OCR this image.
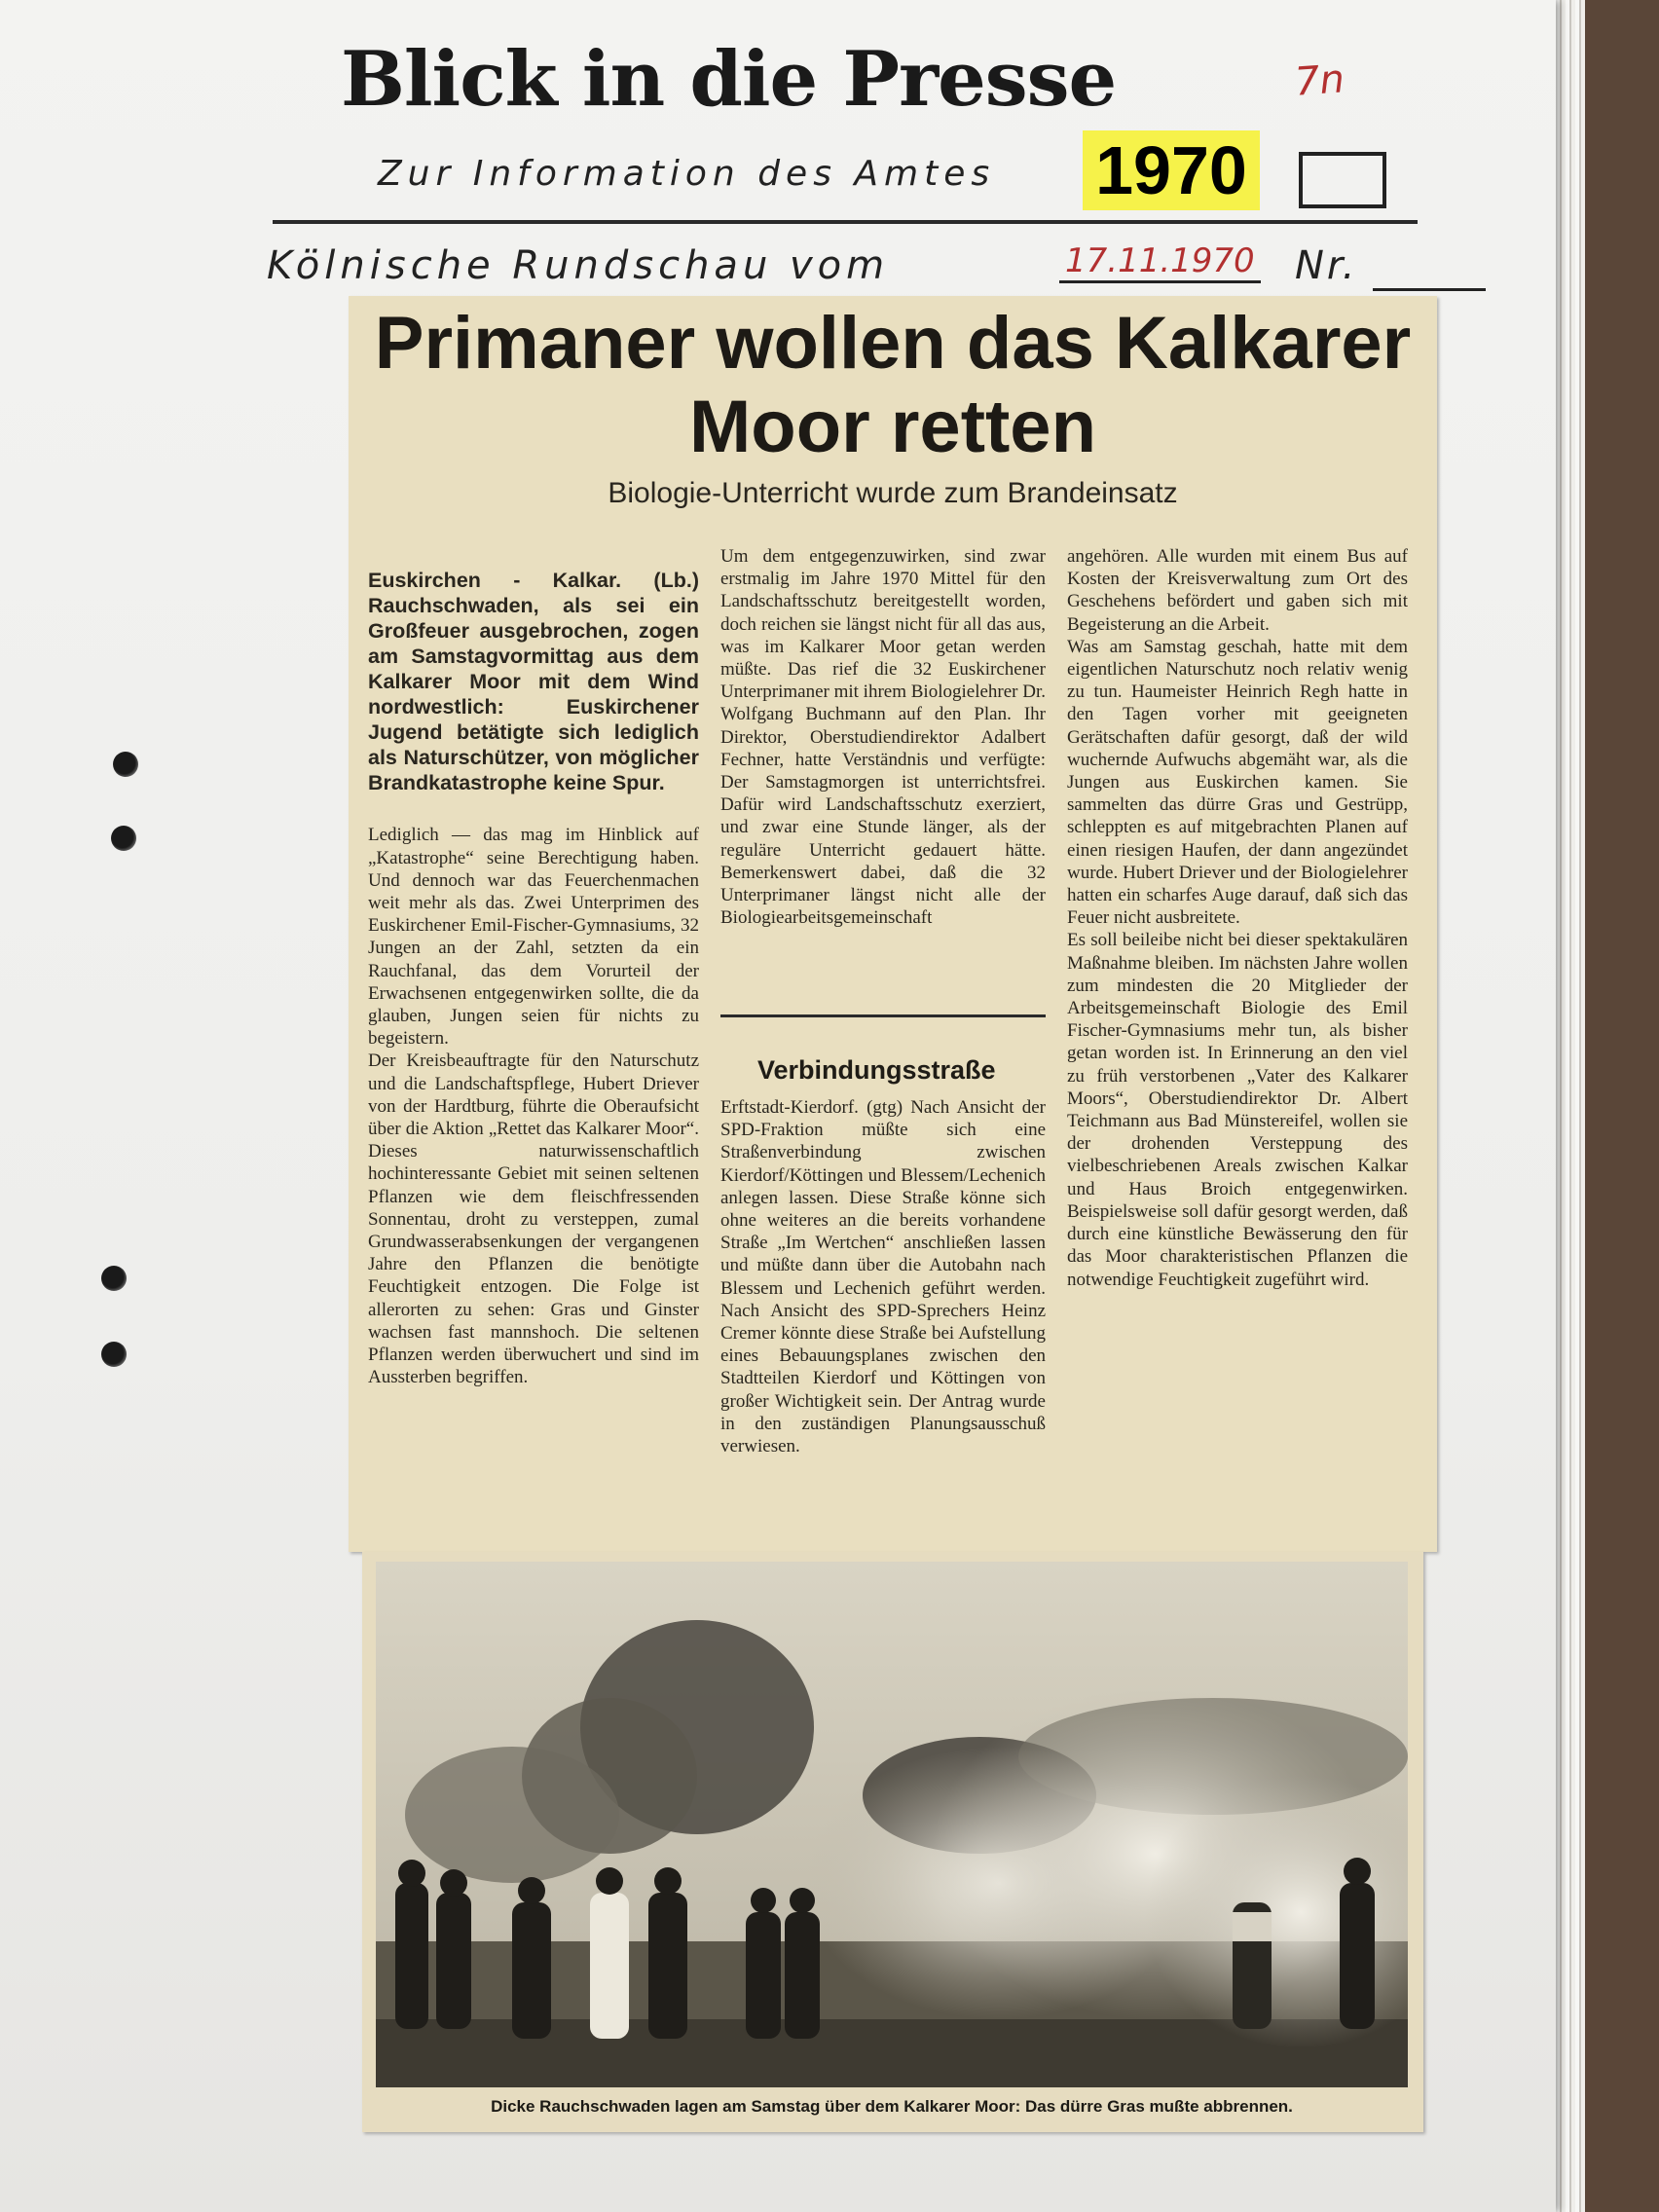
Blick in die Presse	7n
Zur Information des Amtes 1970
Kölnische Rundschau vom	17.11.1970 Nr.
Primaner wollen das Kalkarer Moor retten
Biologie-Unterricht wurde zum Brandeinsatz

Euskirchen - Kalkar. (Lb.) Rauchschwaden, als sei ein Großfeuer ausgebrochen, zogen am Samstagvormittag aus dem Kalkarer Moor mit dem Wind nordwestlich: Euskirchener Jugend betätigte sich lediglich als Naturschützer, von möglicher Brandkatastrophe keine Spur.

Lediglich — das mag im Hinblick auf „Katastrophe“ seine Berechtigung haben. Und dennoch war das Feuerchenmachen weit mehr als das. Zwei Unterprimen des Euskirchener Emil-Fischer-Gymnasiums, 32 Jungen an der Zahl, setzten da ein Rauchfanal, das dem Vorurteil der Erwachsenen entgegenwirken sollte, die da glauben, Jungen seien für nichts zu begeistern.
Der Kreisbeauftragte für den Naturschutz und die Landschaftspflege, Hubert Driever von der Hardtburg, führte die Oberaufsicht über die Aktion „Rettet das Kalkarer Moor“. Dieses naturwissenschaftlich hochinteressante Gebiet mit seinen seltenen Pflanzen wie dem fleischfressenden Sonnentau, droht zu versteppen, zumal Grundwasserabsenkungen der vergangenen Jahre den Pflanzen die benötigte Feuchtigkeit entzogen. Die Folge ist allerorten zu sehen: Gras und Ginster wachsen fast mannshoch. Die seltenen Pflanzen werden überwuchert und sind im Aussterben begriffen.

Um dem entgegenzuwirken, sind zwar erstmalig im Jahre 1970 Mittel für den Landschaftsschutz bereitgestellt worden, doch reichen sie längst nicht für all das aus, was im Kalkarer Moor getan werden müßte. Das rief die 32 Euskirchener Unterprimaner mit ihrem Biologielehrer Dr. Wolfgang Buchmann auf den Plan. Ihr Direktor, Oberstudiendirektor Adalbert Fechner, hatte Verständnis und verfügte: Der Samstagmorgen ist unterrichtsfrei. Dafür wird Landschaftsschutz exerziert, und zwar eine Stunde länger, als der reguläre Unterricht gedauert hätte. Bemerkenswert dabei, daß die 32 Unterprimaner längst nicht alle der Biologiearbeitsgemeinschaft
Verbindungsstraße
Erftstadt-Kierdorf. (gtg) Nach Ansicht der SPD-Fraktion müßte sich eine Straßenverbindung zwischen Kierdorf/Köttingen und Blessem/Lechenich anlegen lassen. Diese Straße könne sich ohne weiteres an die bereits vorhandene Straße „Im Wertchen“ anschließen lassen und müßte dann über die Autobahn nach Blessem und Lechenich geführt werden. Nach Ansicht des SPD-Sprechers Heinz Cremer könnte diese Straße bei Aufstellung eines Bebauungsplanes zwischen den Stadtteilen Kierdorf und Köttingen von großer Wichtigkeit sein. Der Antrag wurde in den zuständigen Planungsausschuß verwiesen.
angehören. Alle wurden mit einem Bus auf Kosten der Kreisverwaltung zum Ort des Geschehens befördert und gaben sich mit Begeisterung an die Arbeit.
Was am Samstag geschah, hatte mit dem eigentlichen Naturschutz noch relativ wenig zu tun. Haumeister Heinrich Regh hatte in den Tagen vorher mit geeigneten Gerätschaften dafür gesorgt, daß der wild wuchernde Aufwuchs abgemäht war, als die Jungen aus Euskirchen kamen. Sie sammelten das dürre Gras und Gestrüpp, schleppten es auf mitgebrachten Planen auf einen riesigen Haufen, der dann angezündet wurde. Hubert Driever und der Biologielehrer hatten ein scharfes Auge darauf, daß sich das Feuer nicht ausbreitete.
Es soll beileibe nicht bei dieser spektakulären Maßnahme bleiben. Im nächsten Jahre wollen zum mindesten die 20 Mitglieder der Arbeitsgemeinschaft Biologie des Emil Fischer-Gymnasiums mehr tun, als bisher getan worden ist. In Erinnerung an den viel zu früh verstorbenen „Vater des Kalkarer Moors“, Oberstudiendirektor Dr. Albert Teichmann aus Bad Münstereifel, wollen sie der drohenden Versteppung des vielbeschriebenen Areals zwischen Kalkar und Haus Broich entgegenwirken. Beispielsweise soll dafür gesorgt werden, daß durch eine künstliche Bewässerung den für das Moor charakteristischen Pflanzen die notwendige Feuchtigkeit zugeführt wird.
Dicke Rauchschwaden lagen am Samstag über dem Kalkarer Moor: Das dürre Gras mußte abbrennen.
